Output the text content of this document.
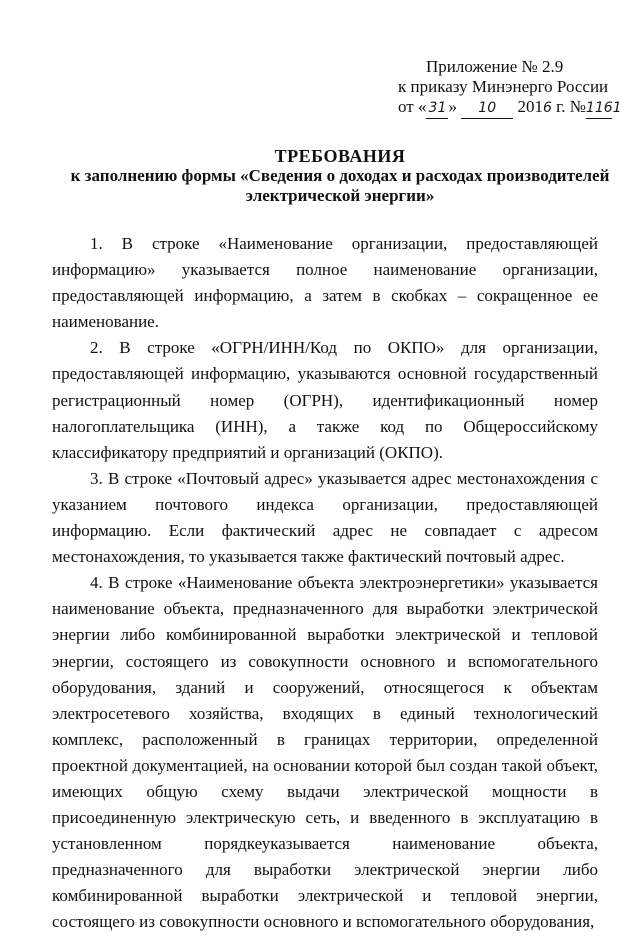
Приложение № 2.9
к приказу Минэнерго России
от « 31 » 10 2016 г. №1161
ТРЕБОВАНИЯ
к заполнению формы «Сведения о доходах и расходах производителей
электрической энергии»

1. В строке «Наименование организации, предоставляющей информацию» указывается полное наименование организации, предоставляющей информацию, а затем в скобках – сокращенное ее наименование.

2. В строке «ОГРН/ИНН/Код по ОКПО» для организации, предоставляющей информацию, указываются основной государственный регистрационный номер (ОГРН), идентификационный номер налогоплательщика (ИНН), а также код по Общероссийскому классификатору предприятий и организаций (ОКПО).

3. В строке «Почтовый адрес» указывается адрес местонахождения с указанием почтового индекса организации, предоставляющей информацию. Если фактический адрес не совпадает с адресом местонахождения, то указывается также фактический почтовый адрес.

4. В строке «Наименование объекта электроэнергетики» указывается наименование объекта, предназначенного для выработки электрической энергии либо комбинированной выработки электрической и тепловой энергии, состоящего из совокупности основного и вспомогательного оборудования, зданий и сооружений, относящегося к объектам электросетевого хозяйства, входящих в единый технологический комплекс, расположенный в границах территории, определенной проектной документацией, на основании которой был создан такой объект, имеющих общую схему выдачи электрической мощности в присоединенную электрическую сеть, и введенного в эксплуатацию в установленном порядкеуказывается наименование объекта, предназначенного для выработки электрической энергии либо комбинированной выработки электрической и тепловой энергии, состоящего из совокупности основного и вспомогательного оборудования,
